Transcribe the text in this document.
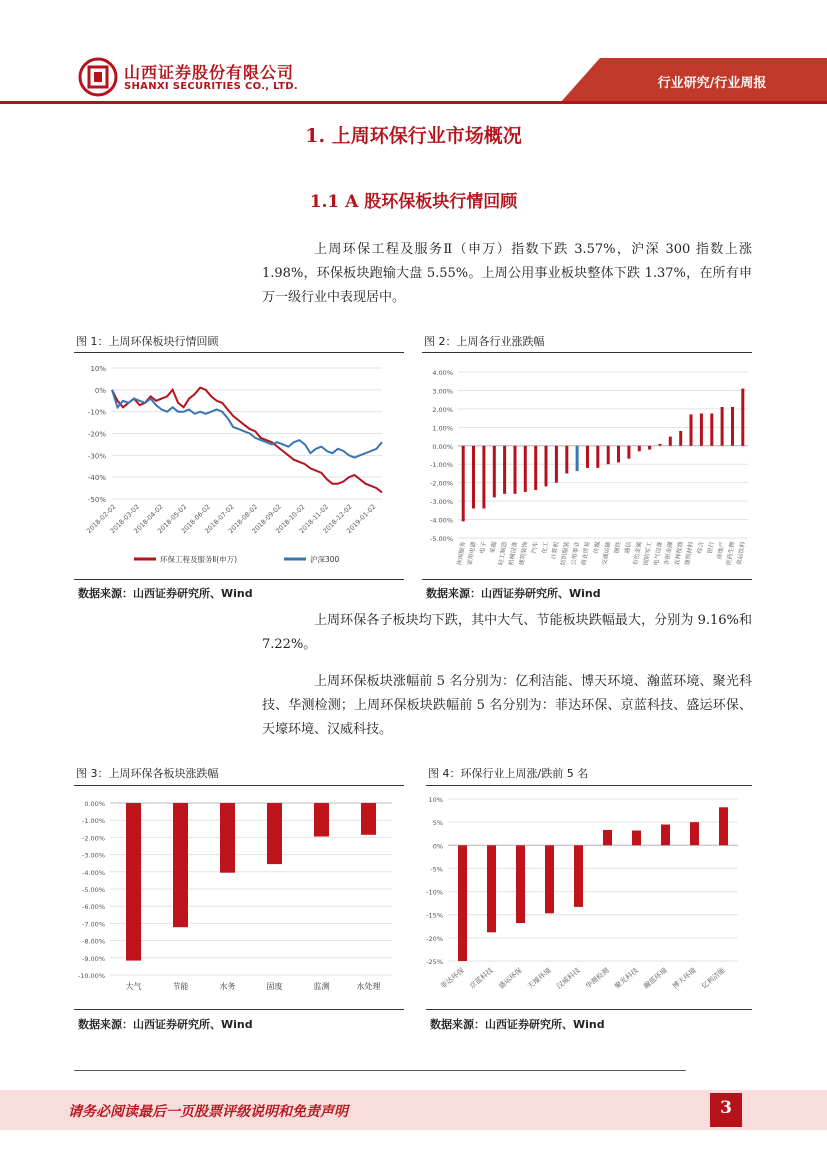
山西证券股份有限公司
SHANXI SECURITIES CO., LTD.	行业研究/行业周报
1. 上周环保行业市场概况
1.1 A 股环保板块行情回顾

上周环保工程及服务Ⅱ（申万）指数下跌 3.57%，沪深 300 指数上涨 1.98%，环保板块跑输大盘 5.55%。上周公用事业板块整体下跌 1.37%，在所有申万一级行业中表现居中。

图 1：上周环保板块行情回顾	图 2：上周各行业涨跌幅
10%
0%
-10%
-20%
-30%
-40%
-50%
2018-02-02
2018-03-02
2018-04-02
2018-05-02
2018-06-02
2018-07-02
2018-08-02
2018-09-02
2018-10-02
2018-11-02
2018-12-02
2019-01-02
环保工程及服务Ⅱ(申万)	沪深300
4.00%
3.00%
2.00%
1.00%
0.00%
-1.00%
-2.00%
-3.00%
-4.00%
-5.00%
休闲服务 家用电器 电子 采掘 轻工制造 机械设备 建筑装饰 汽车 化工 计算机 纺织服装 公用事业 商业贸易 传媒 交通运输 钢铁 通信 有色金属 国防军工 电气设备 非银金融 农林牧渔 建筑材料 综合 银行 房地产 医药生物 食品饮料
数据来源：山西证券研究所、Wind	数据来源：山西证券研究所、Wind

上周环保各子板块均下跌，其中大气、节能板块跌幅最大，分别为 9.16%和 7.22%。

上周环保板块涨幅前 5 名分别为：亿利洁能、博天环境、瀚蓝环境、聚光科技、华测检测；上周环保板块跌幅前 5 名分别为：菲达环保、京蓝科技、盛运环保、天壕环境、汉威科技。

图 3：上周环保各板块涨跌幅	图 4：环保行业上周涨/跌前 5 名
0.00%
-1.00%
-2.00%
-3.00%
-4.00%
-5.00%
-6.00%
-7.00%
-8.00%
-9.00%
-10.00%
大气	节能	水务	固废	监测	水处理
10%
5%
0%
-5%
-10%
-15%
-20%
-25%
菲达环保 京蓝科技 盛运环保 天壕环境 汉威科技 华测检测 聚光科技 瀚蓝环境 博天环境 亿利洁能
数据来源：山西证券研究所、Wind	数据来源：山西证券研究所、Wind
请务必阅读最后一页股票评级说明和免责声明	3
